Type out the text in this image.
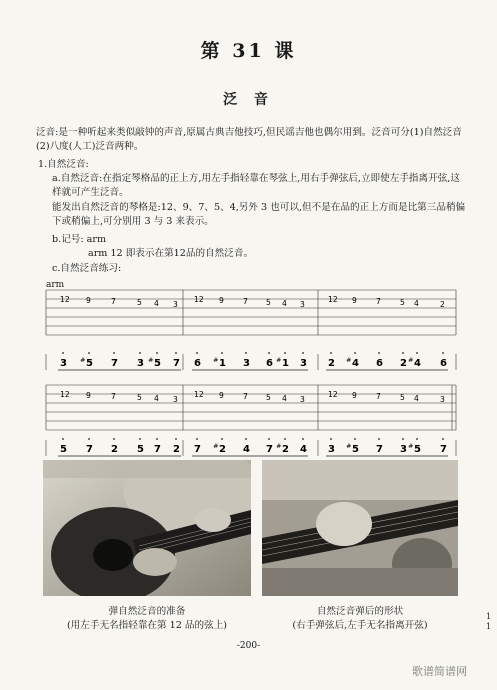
第 31 课
泛 音
泛音:是一种听起来类似敲钟的声音,原属古典吉他技巧,但民谣吉他也偶尔用到。泛音可分(1)自然泛音(2)八度(人工)泛音两种。
1.自然泛音:
a.自然泛音:在指定琴格品的正上方,用左手指轻靠在琴弦上,用右手弹弦后,立即使左手指离开弦,这样就可产生泛音。
能发出自然泛音的琴格是:12、9、7、5、4,另外 3 也可以,但不是在品的正上方而是比第三品稍偏下或稍偏上,可分别用 3 与 3 来表示。
b.记号: arm
arm 12 即表示在第12品的自然泛音。
c.自然泛音练习:
arm
12 9	7	5 4 3
12 9	7 5 4 3
12 9	7	5 4	2
3 # 5 7 3 # 5 7 6 # 1 3 6 # 1 3 2 # 4 6 2 # 4 6
12 9	7	5 4 3
12 9	7 5 4 3
12 9	7	5 4	3
5 7 2 5 7 2 7 # 2 4 7 # 2 4 3 # 5 7 3 # 5 7
弹自然泛音的准备
(用左手无名指轻靠在第 12 品的弦上)
自然泛音弹后的形状
(右手弹弦后,左手无名指离开弦)
-200-
歌谱简谱网
1 1
